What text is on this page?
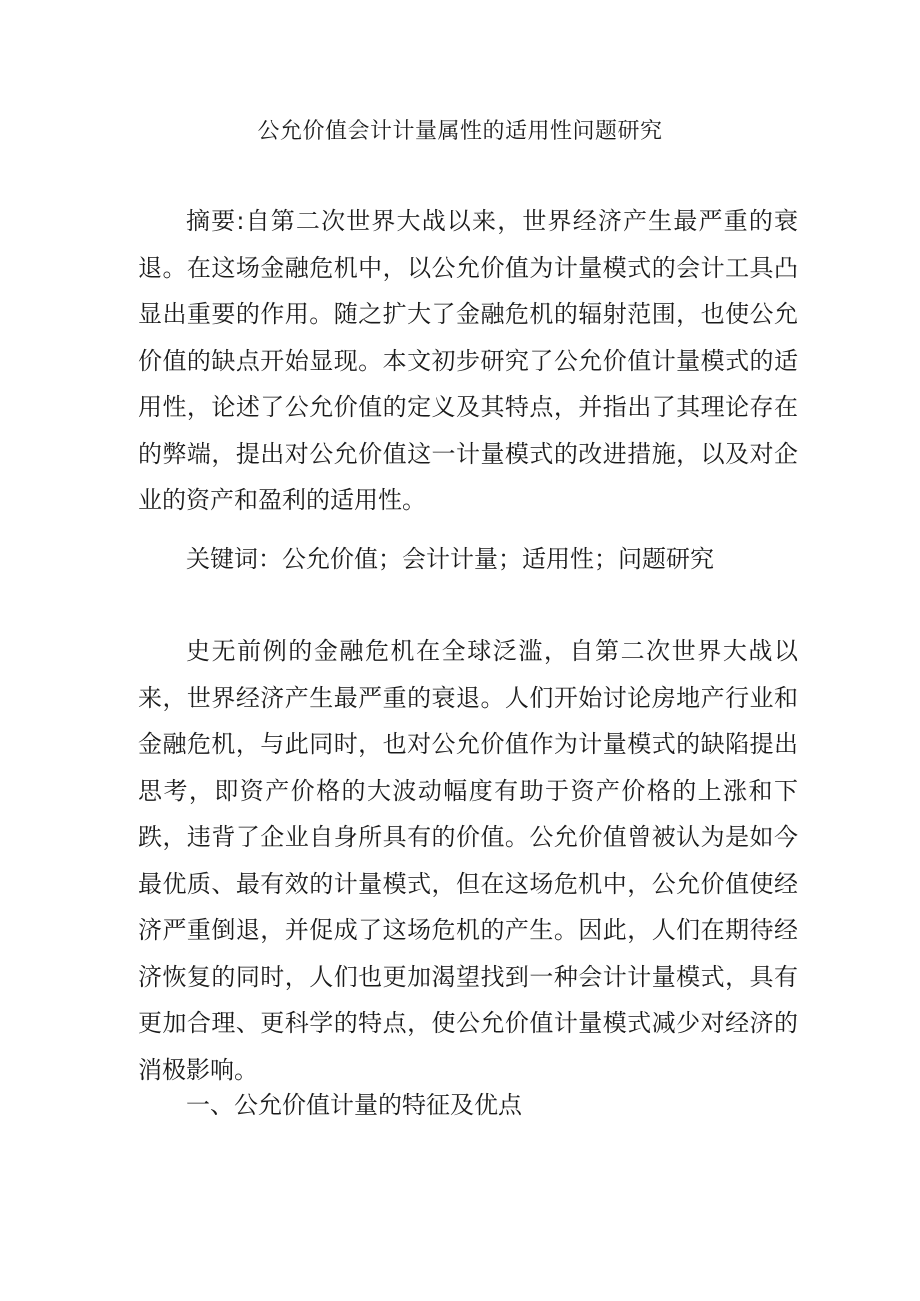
公允价值会计计量属性的适用性问题研究

摘要:自第二次世界大战以来，世界经济产生最严重的衰退。在这场金融危机中，以公允价值为计量模式的会计工具凸显出重要的作用。随之扩大了金融危机的辐射范围，也使公允价值的缺点开始显现。本文初步研究了公允价值计量模式的适用性，论述了公允价值的定义及其特点，并指出了其理论存在的弊端，提出对公允价值这一计量模式的改进措施，以及对企业的资产和盈利的适用性。

关键词：公允价值；会计计量；适用性；问题研究

史无前例的金融危机在全球泛滥，自第二次世界大战以来，世界经济产生最严重的衰退。人们开始讨论房地产行业和金融危机，与此同时，也对公允价值作为计量模式的缺陷提出思考，即资产价格的大波动幅度有助于资产价格的上涨和下跌，违背了企业自身所具有的价值。公允价值曾被认为是如今最优质、最有效的计量模式，但在这场危机中，公允价值使经济严重倒退，并促成了这场危机的产生。因此，人们在期待经济恢复的同时，人们也更加渴望找到一种会计计量模式，具有更加合理、更科学的特点，使公允价值计量模式减少对经济的消极影响。

一、公允价值计量的特征及优点
